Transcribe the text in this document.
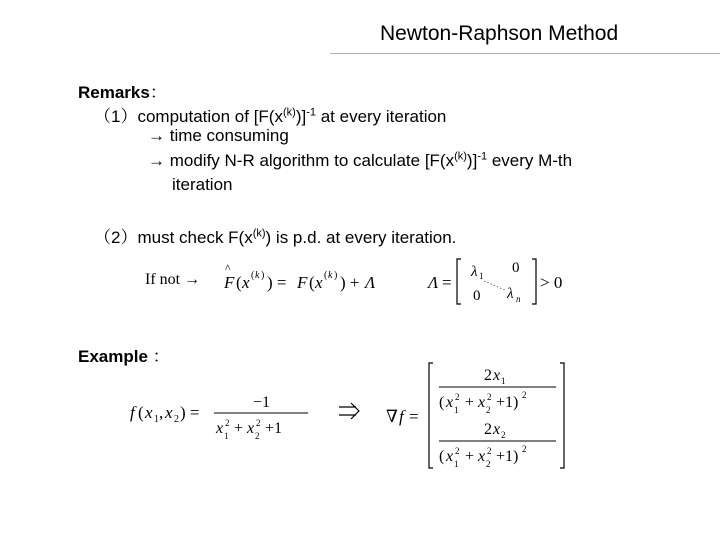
Newton-Raphson Method
Remarks：
（1）computation of $[F(x^{(k)})]^{-1}$ at every iteration
→ time consuming
→ modify N-R algorithm to calculate $[F(x^{(k)})]^{-1}$ every M-th
iteration
（2）must check $F(x^{(k)})$ is p.d. at every iteration.
If not → F
^
( x ( k ) ) = F ( x ( k ) ) + Λ	Λ =
λ 1 0
0 λ n
> 0
Example ：
f ( x 1 , x 2 ) =
−1
x 1
2 + x 2
2 +1
∇ f =
2 x 1
( x 1
2 + x 2
2 +1) 2
2 x 2
( x 1
2 + x 2
2 +1) 2
